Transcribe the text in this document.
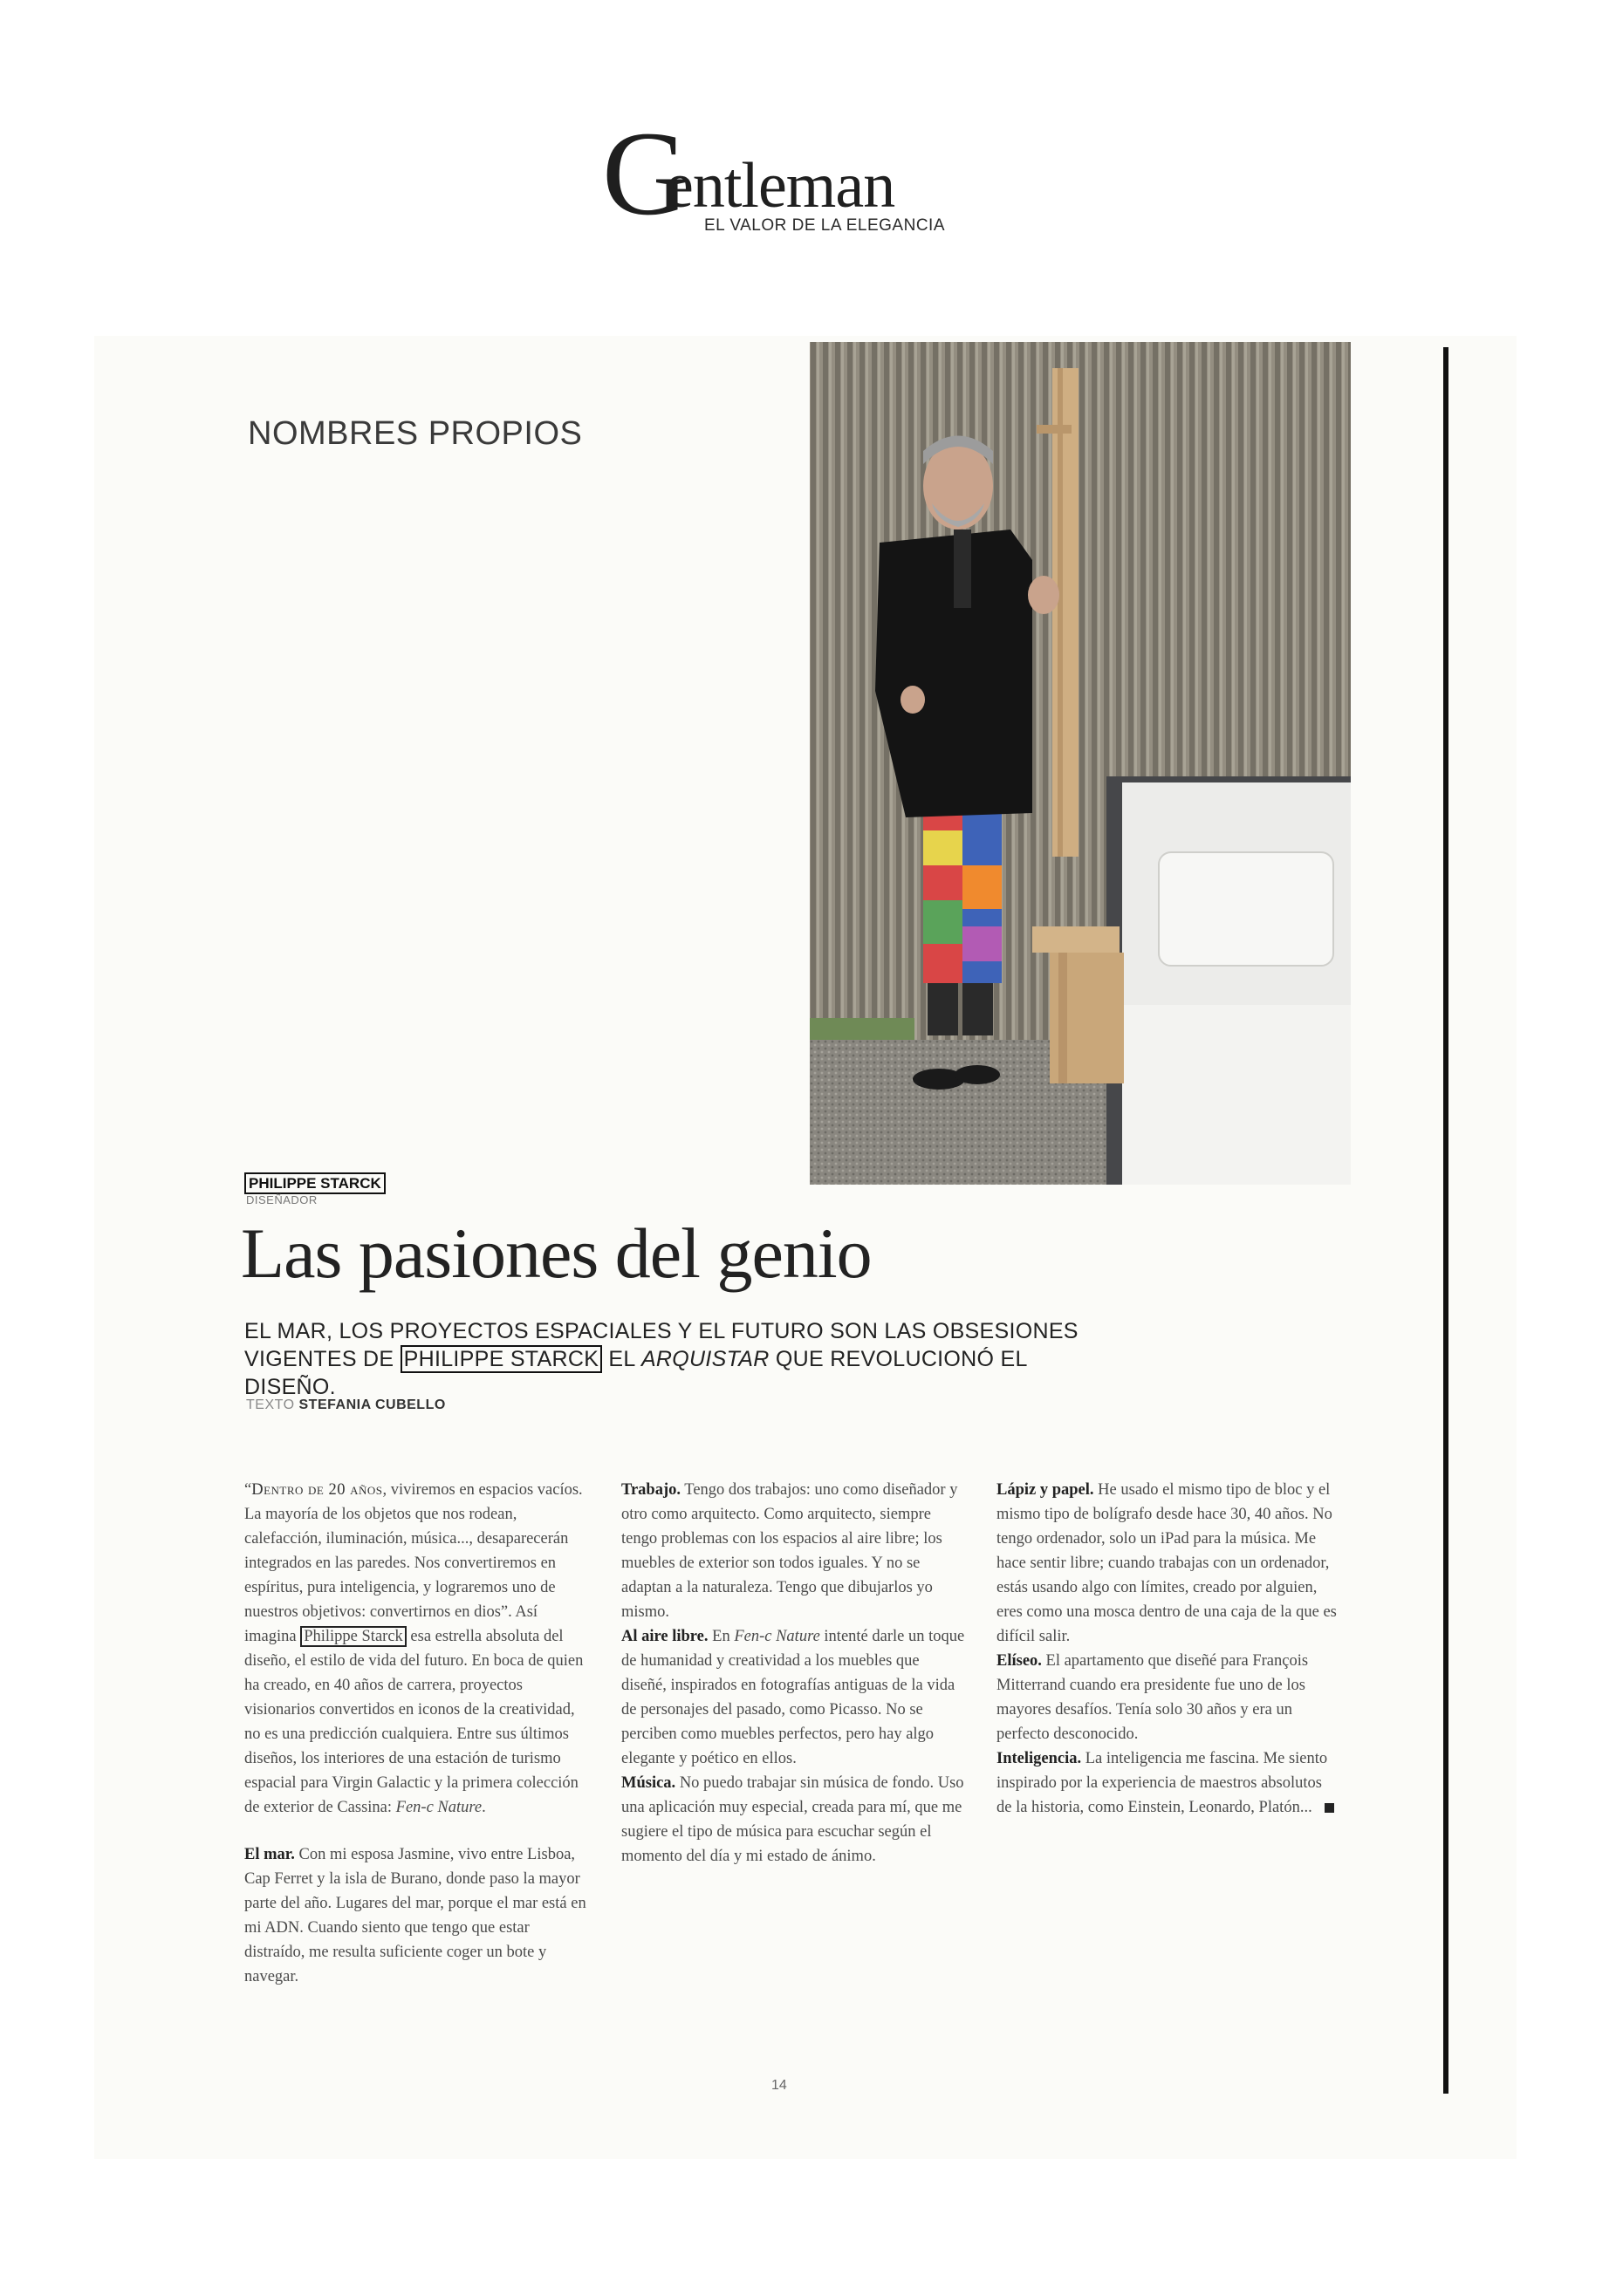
G
entleman
EL VALOR DE LA ELEGANCIA
NOMBRES PROPIOS
PHILIPPE STARCK
DISEÑADOR
Las pasiones del genio
EL MAR, LOS PROYECTOS ESPACIALES Y EL FUTURO SON LAS OBSESIONES VIGENTES DE PHILIPPE STARCK EL ARQUISTAR QUE REVOLUCIONÓ EL DISEÑO.
TEXTO STEFANIA CUBELLO

“Dentro de 20 años, viviremos en espacios vacíos. La mayoría de los objetos que nos rodean, calefacción, iluminación, música..., desaparecerán integrados en las paredes. Nos convertiremos en espíritus, pura inteligencia, y lograremos uno de nuestros objetivos: convertirnos en dios”. Así imagina Philippe Starck esa estrella absoluta del diseño, el estilo de vida del futuro. En boca de quien ha creado, en 40 años de carrera, proyectos visionarios convertidos en iconos de la creatividad, no es una predicción cualquiera. Entre sus últimos diseños, los interiores de una estación de turismo espacial para Virgin Galactic y la primera colección de exterior de Cassina: Fen-c Nature.

El mar. Con mi esposa Jasmine, vivo entre Lisboa, Cap Ferret y la isla de Burano, donde paso la mayor parte del año. Lugares del mar, porque el mar está en mi ADN. Cuando siento que tengo que estar distraído, me resulta suficiente coger un bote y navegar.

Trabajo. Tengo dos trabajos: uno como diseñador y otro como arquitecto. Como arquitecto, siempre tengo problemas con los espacios al aire libre; los muebles de exterior son todos iguales. Y no se adaptan a la naturaleza. Tengo que dibujarlos yo mismo.

Al aire libre. En Fen-c Nature intenté darle un toque de humanidad y creatividad a los muebles que diseñé, inspirados en fotografías antiguas de la vida de personajes del pasado, como Picasso. No se perciben como muebles perfectos, pero hay algo elegante y poético en ellos.

Música. No puedo trabajar sin música de fondo. Uso una aplicación muy especial, creada para mí, que me sugiere el tipo de música para escuchar según el momento del día y mi estado de ánimo.

Lápiz y papel. He usado el mismo tipo de bloc y el mismo tipo de bolígrafo desde hace 30, 40 años. No tengo ordenador, solo un iPad para la música. Me hace sentir libre; cuando trabajas con un ordenador, estás usando algo con límites, creado por alguien, eres como una mosca dentro de una caja de la que es difícil salir.

Elíseo. El apartamento que diseñé para François Mitterrand cuando era presidente fue uno de los mayores desafíos. Tenía solo 30 años y era un perfecto desconocido.

Inteligencia. La inteligencia me fascina. Me siento inspirado por la experiencia de maestros absolutos de la historia, como Einstein, Leonardo, Platón...

14
